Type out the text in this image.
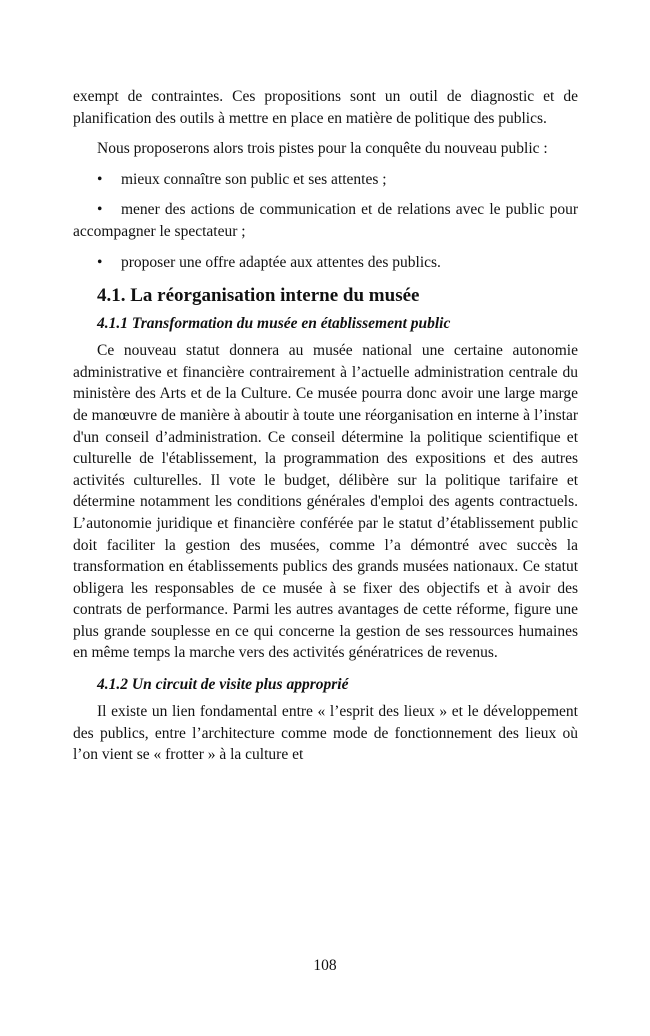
exempt de contraintes. Ces propositions sont un outil de diagnostic et de planification des outils à mettre en place en matière de politique des publics.

Nous proposerons alors trois pistes pour la conquête du nouveau public :

• mieux connaître son public et ses attentes ;
• mener des actions de communication et de relations avec le public pour accompagner le spectateur ;
• proposer une offre adaptée aux attentes des publics.
4.1. La réorganisation interne du musée
4.1.1 Transformation du musée en établissement public

Ce nouveau statut donnera au musée national une certaine autonomie administrative et financière contrairement à l’actuelle administration centrale du ministère des Arts et de la Culture. Ce musée pourra donc avoir une large marge de manœuvre de manière à aboutir à toute une réorganisation en interne à l’instar d'un conseil d’administration. Ce conseil détermine la politique scientifique et culturelle de l'établissement, la programmation des expositions et des autres activités culturelles. Il vote le budget, délibère sur la politique tarifaire et détermine notamment les conditions générales d'emploi des agents contractuels. L’autonomie juridique et financière conférée par le statut d’établissement public doit faciliter la gestion des musées, comme l’a démontré avec succès la transformation en établissements publics des grands musées nationaux. Ce statut obligera les responsables de ce musée à se fixer des objectifs et à avoir des contrats de performance. Parmi les autres avantages de cette réforme, figure une plus grande souplesse en ce qui concerne la gestion de ses ressources humaines en même temps la marche vers des activités génératrices de revenus.

4.1.2 Un circuit de visite plus approprié

Il existe un lien fondamental entre « l’esprit des lieux » et le développement des publics, entre l’architecture comme mode de fonctionnement des lieux où l’on vient se « frotter » à la culture et

108
